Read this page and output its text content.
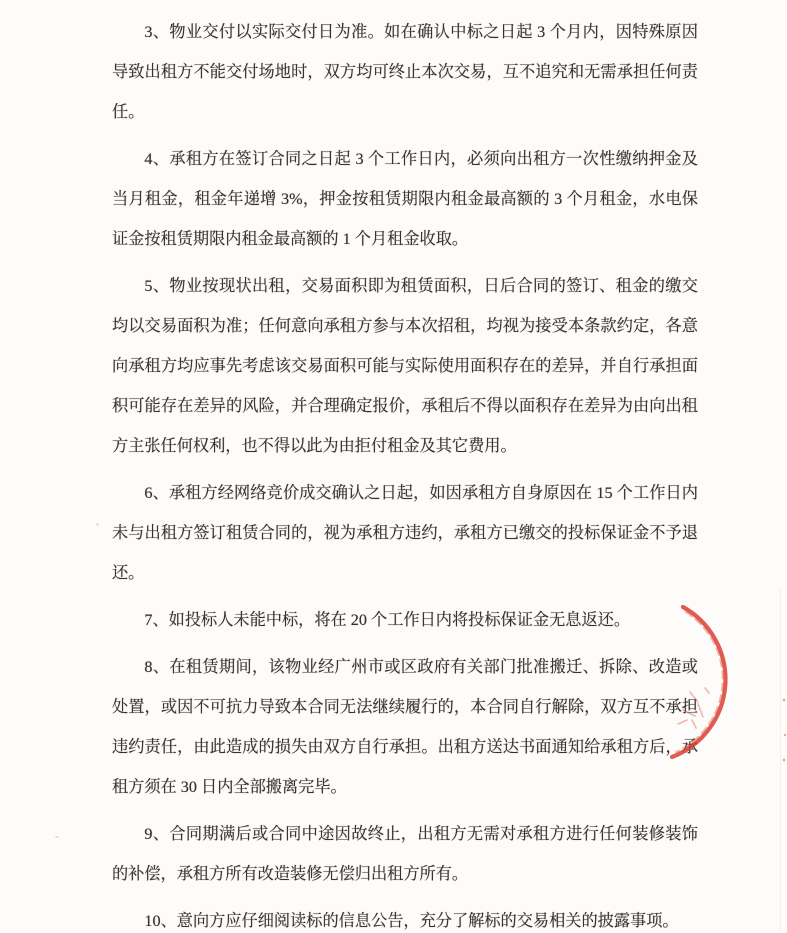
3、物业交付以实际交付日为准。如在确认中标之日起 3 个月内，因特殊原因导致出租方不能交付场地时，双方均可终止本次交易，互不追究和无需承担任何责任。

4、承租方在签订合同之日起 3 个工作日内，必须向出租方一次性缴纳押金及当月租金，租金年递增 3%，押金按租赁期限内租金最高额的 3 个月租金，水电保证金按租赁期限内租金最高额的 1 个月租金收取。

5、物业按现状出租，交易面积即为租赁面积，日后合同的签订、租金的缴交均以交易面积为准；任何意向承租方参与本次招租，均视为接受本条款约定，各意向承租方均应事先考虑该交易面积可能与实际使用面积存在的差异，并自行承担面积可能存在差异的风险，并合理确定报价，承租后不得以面积存在差异为由向出租方主张任何权利，也不得以此为由拒付租金及其它费用。

6、承租方经网络竞价成交确认之日起，如因承租方自身原因在 15 个工作日内未与出租方签订租赁合同的，视为承租方违约，承租方已缴交的投标保证金不予退还。

7、如投标人未能中标，将在 20 个工作日内将投标保证金无息返还。

8、在租赁期间，该物业经广州市或区政府有关部门批准搬迁、拆除、改造或处置，或因不可抗力导致本合同无法继续履行的，本合同自行解除，双方互不承担违约责任，由此造成的损失由双方自行承担。出租方送达书面通知给承租方后，承租方须在 30 日内全部搬离完毕。

9、合同期满后或合同中途因故终止，出租方无需对承租方进行任何装修装饰的补偿，承租方所有改造装修无偿归出租方所有。

10、意向方应仔细阅读标的信息公告，充分了解标的交易相关的披露事项。
